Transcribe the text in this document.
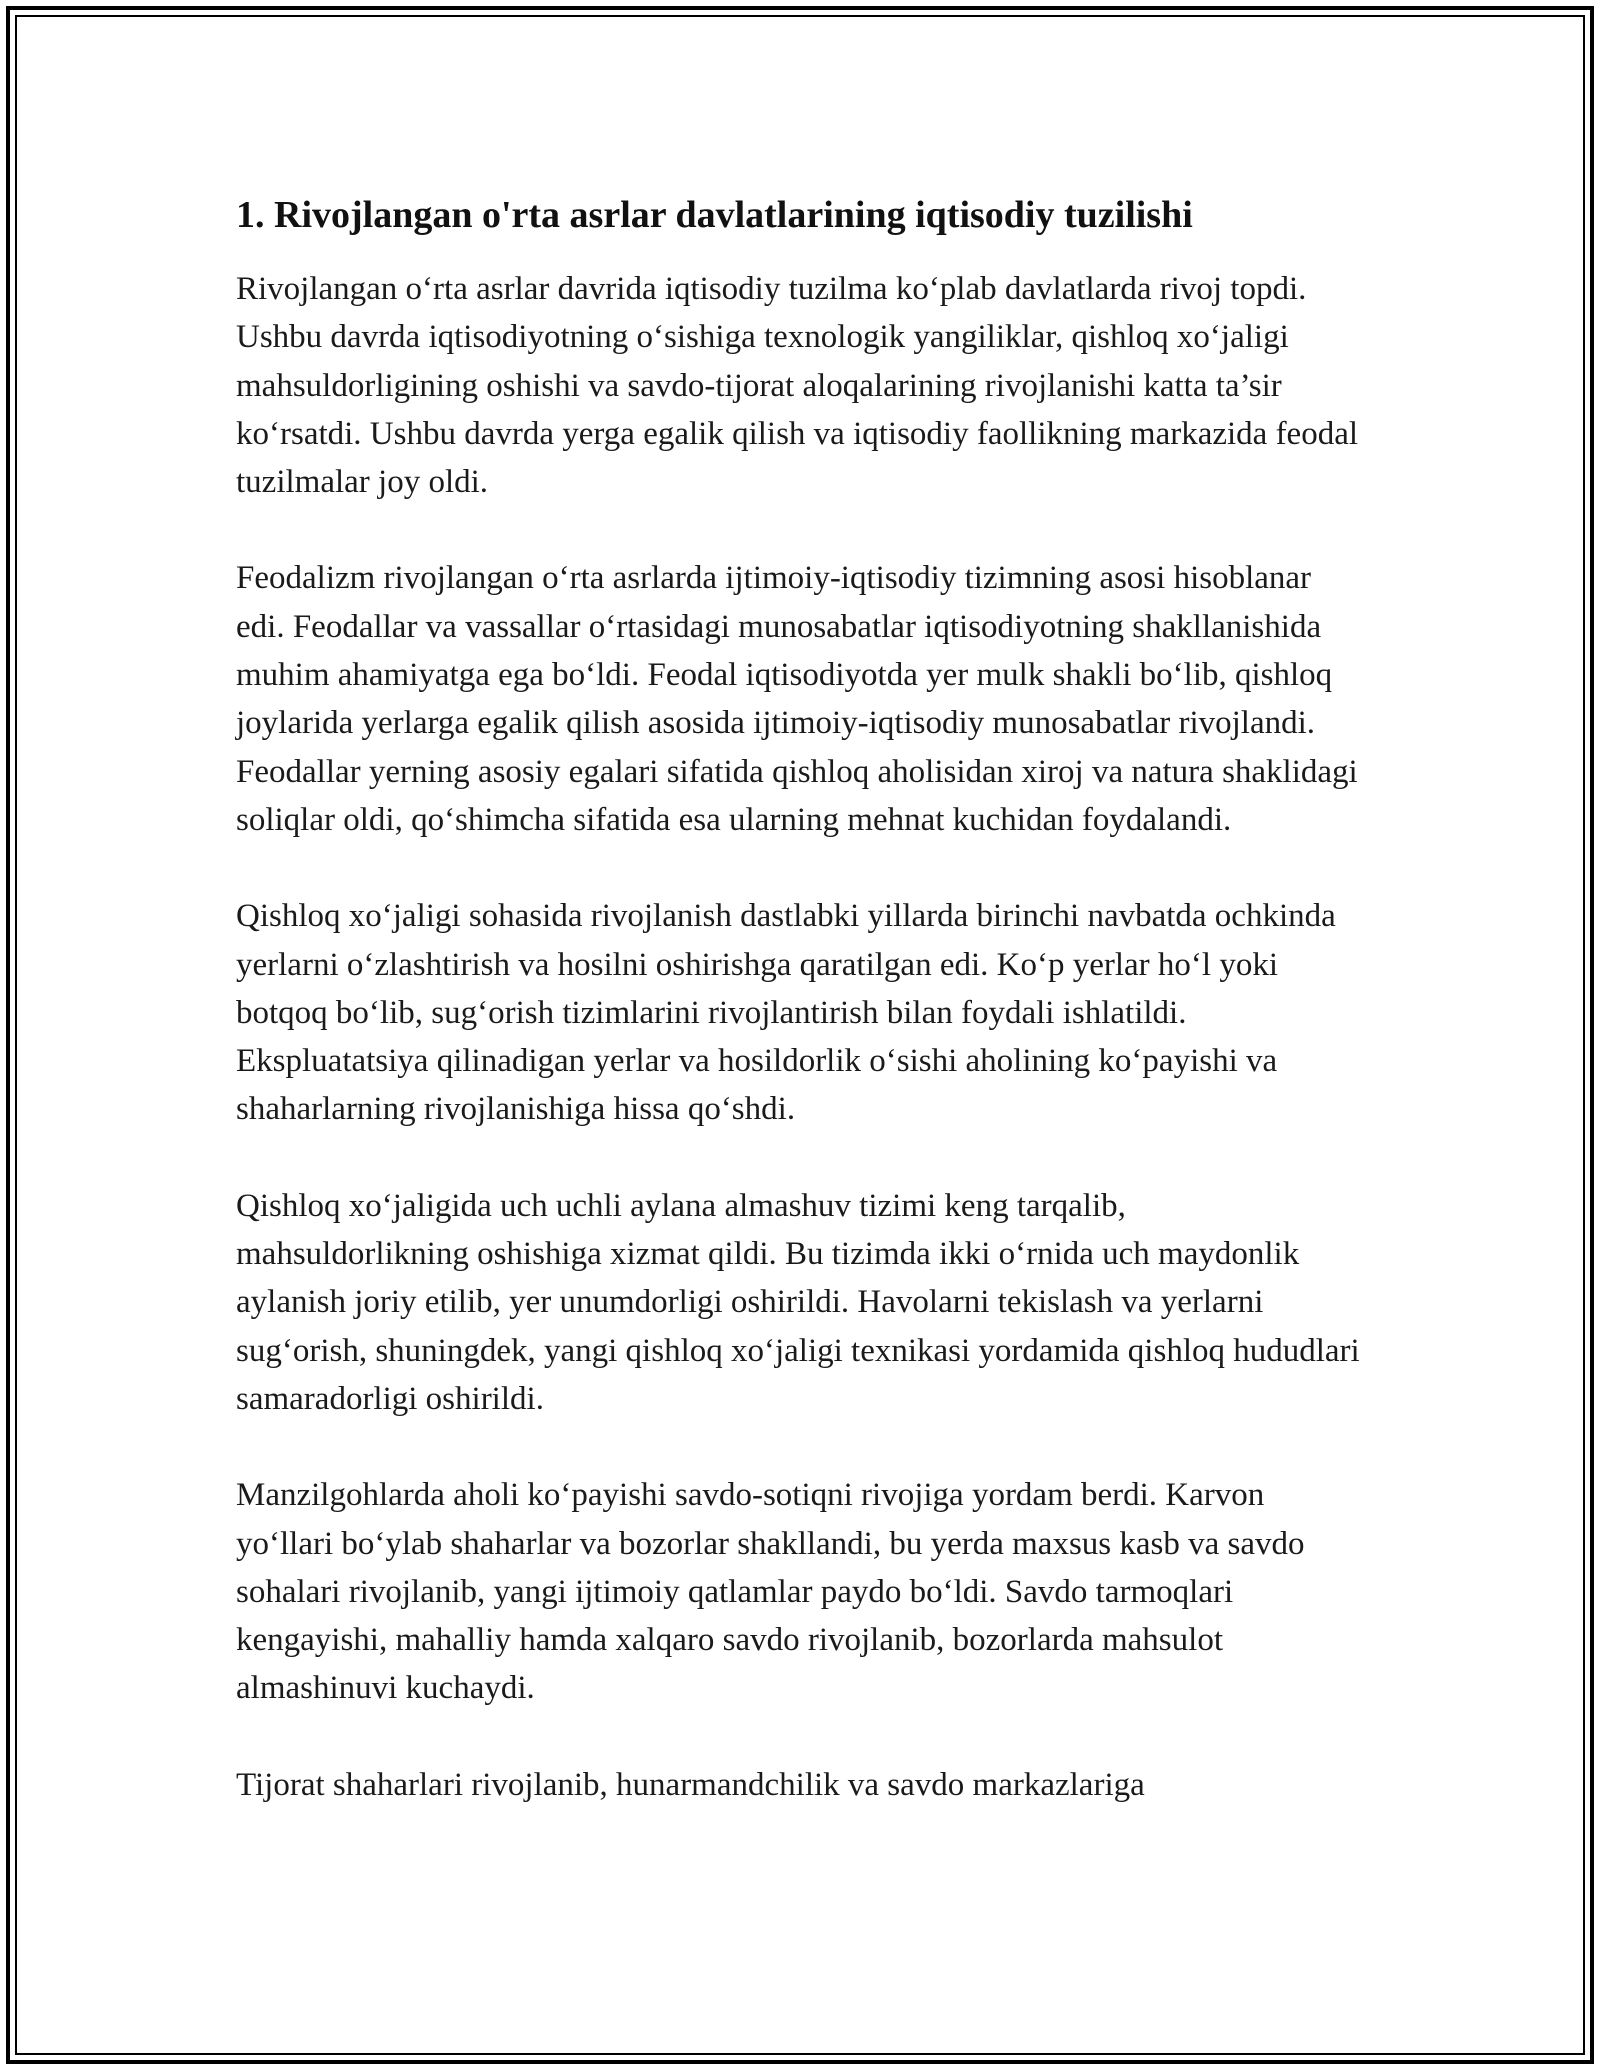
1. Rivojlangan o'rta asrlar davlatlarining iqtisodiy tuzilishi

Rivojlangan o‘rta asrlar davrida iqtisodiy tuzilma ko‘plab davlatlarda rivoj topdi. Ushbu davrda iqtisodiyotning o‘sishiga texnologik yangiliklar, qishloq xo‘jaligi mahsuldorligining oshishi va savdo-tijorat aloqalarining rivojlanishi katta ta’sir ko‘rsatdi. Ushbu davrda yerga egalik qilish va iqtisodiy faollikning markazida feodal tuzilmalar joy oldi.

Feodalizm rivojlangan o‘rta asrlarda ijtimoiy-iqtisodiy tizimning asosi hisoblanar edi. Feodallar va vassallar o‘rtasidagi munosabatlar iqtisodiyotning shakllanishida muhim ahamiyatga ega bo‘ldi. Feodal iqtisodiyotda yer mulk shakli bo‘lib, qishloq joylarida yerlarga egalik qilish asosida ijtimoiy-iqtisodiy munosabatlar rivojlandi. Feodallar yerning asosiy egalari sifatida qishloq aholisidan xiroj va natura shaklidagi soliqlar oldi, qo‘shimcha sifatida esa ularning mehnat kuchidan foydalandi.

Qishloq xo‘jaligi sohasida rivojlanish dastlabki yillarda birinchi navbatda ochkinda yerlarni o‘zlashtirish va hosilni oshirishga qaratilgan edi. Ko‘p yerlar ho‘l yoki botqoq bo‘lib, sug‘orish tizimlarini rivojlantirish bilan foydali ishlatildi. Ekspluatatsiya qilinadigan yerlar va hosildorlik o‘sishi aholining ko‘payishi va shaharlarning rivojlanishiga hissa qo‘shdi.

Qishloq xo‘jaligida uch uchli aylana almashuv tizimi keng tarqalib, mahsuldorlikning oshishiga xizmat qildi. Bu tizimda ikki o‘rnida uch maydonlik aylanish joriy etilib, yer unumdorligi oshirildi. Havolarni tekislash va yerlarni sug‘orish, shuningdek, yangi qishloq xo‘jaligi texnikasi yordamida qishloq hududlari samaradorligi oshirildi.

Manzilgohlarda aholi ko‘payishi savdo-sotiqni rivojiga yordam berdi. Karvon yo‘llari bo‘ylab shaharlar va bozorlar shakllandi, bu yerda maxsus kasb va savdo sohalari rivojlanib, yangi ijtimoiy qatlamlar paydo bo‘ldi. Savdo tarmoqlari kengayishi, mahalliy hamda xalqaro savdo rivojlanib, bozorlarda mahsulot almashinuvi kuchaydi.

Tijorat shaharlari rivojlanib, hunarmandchilik va savdo markazlariga
